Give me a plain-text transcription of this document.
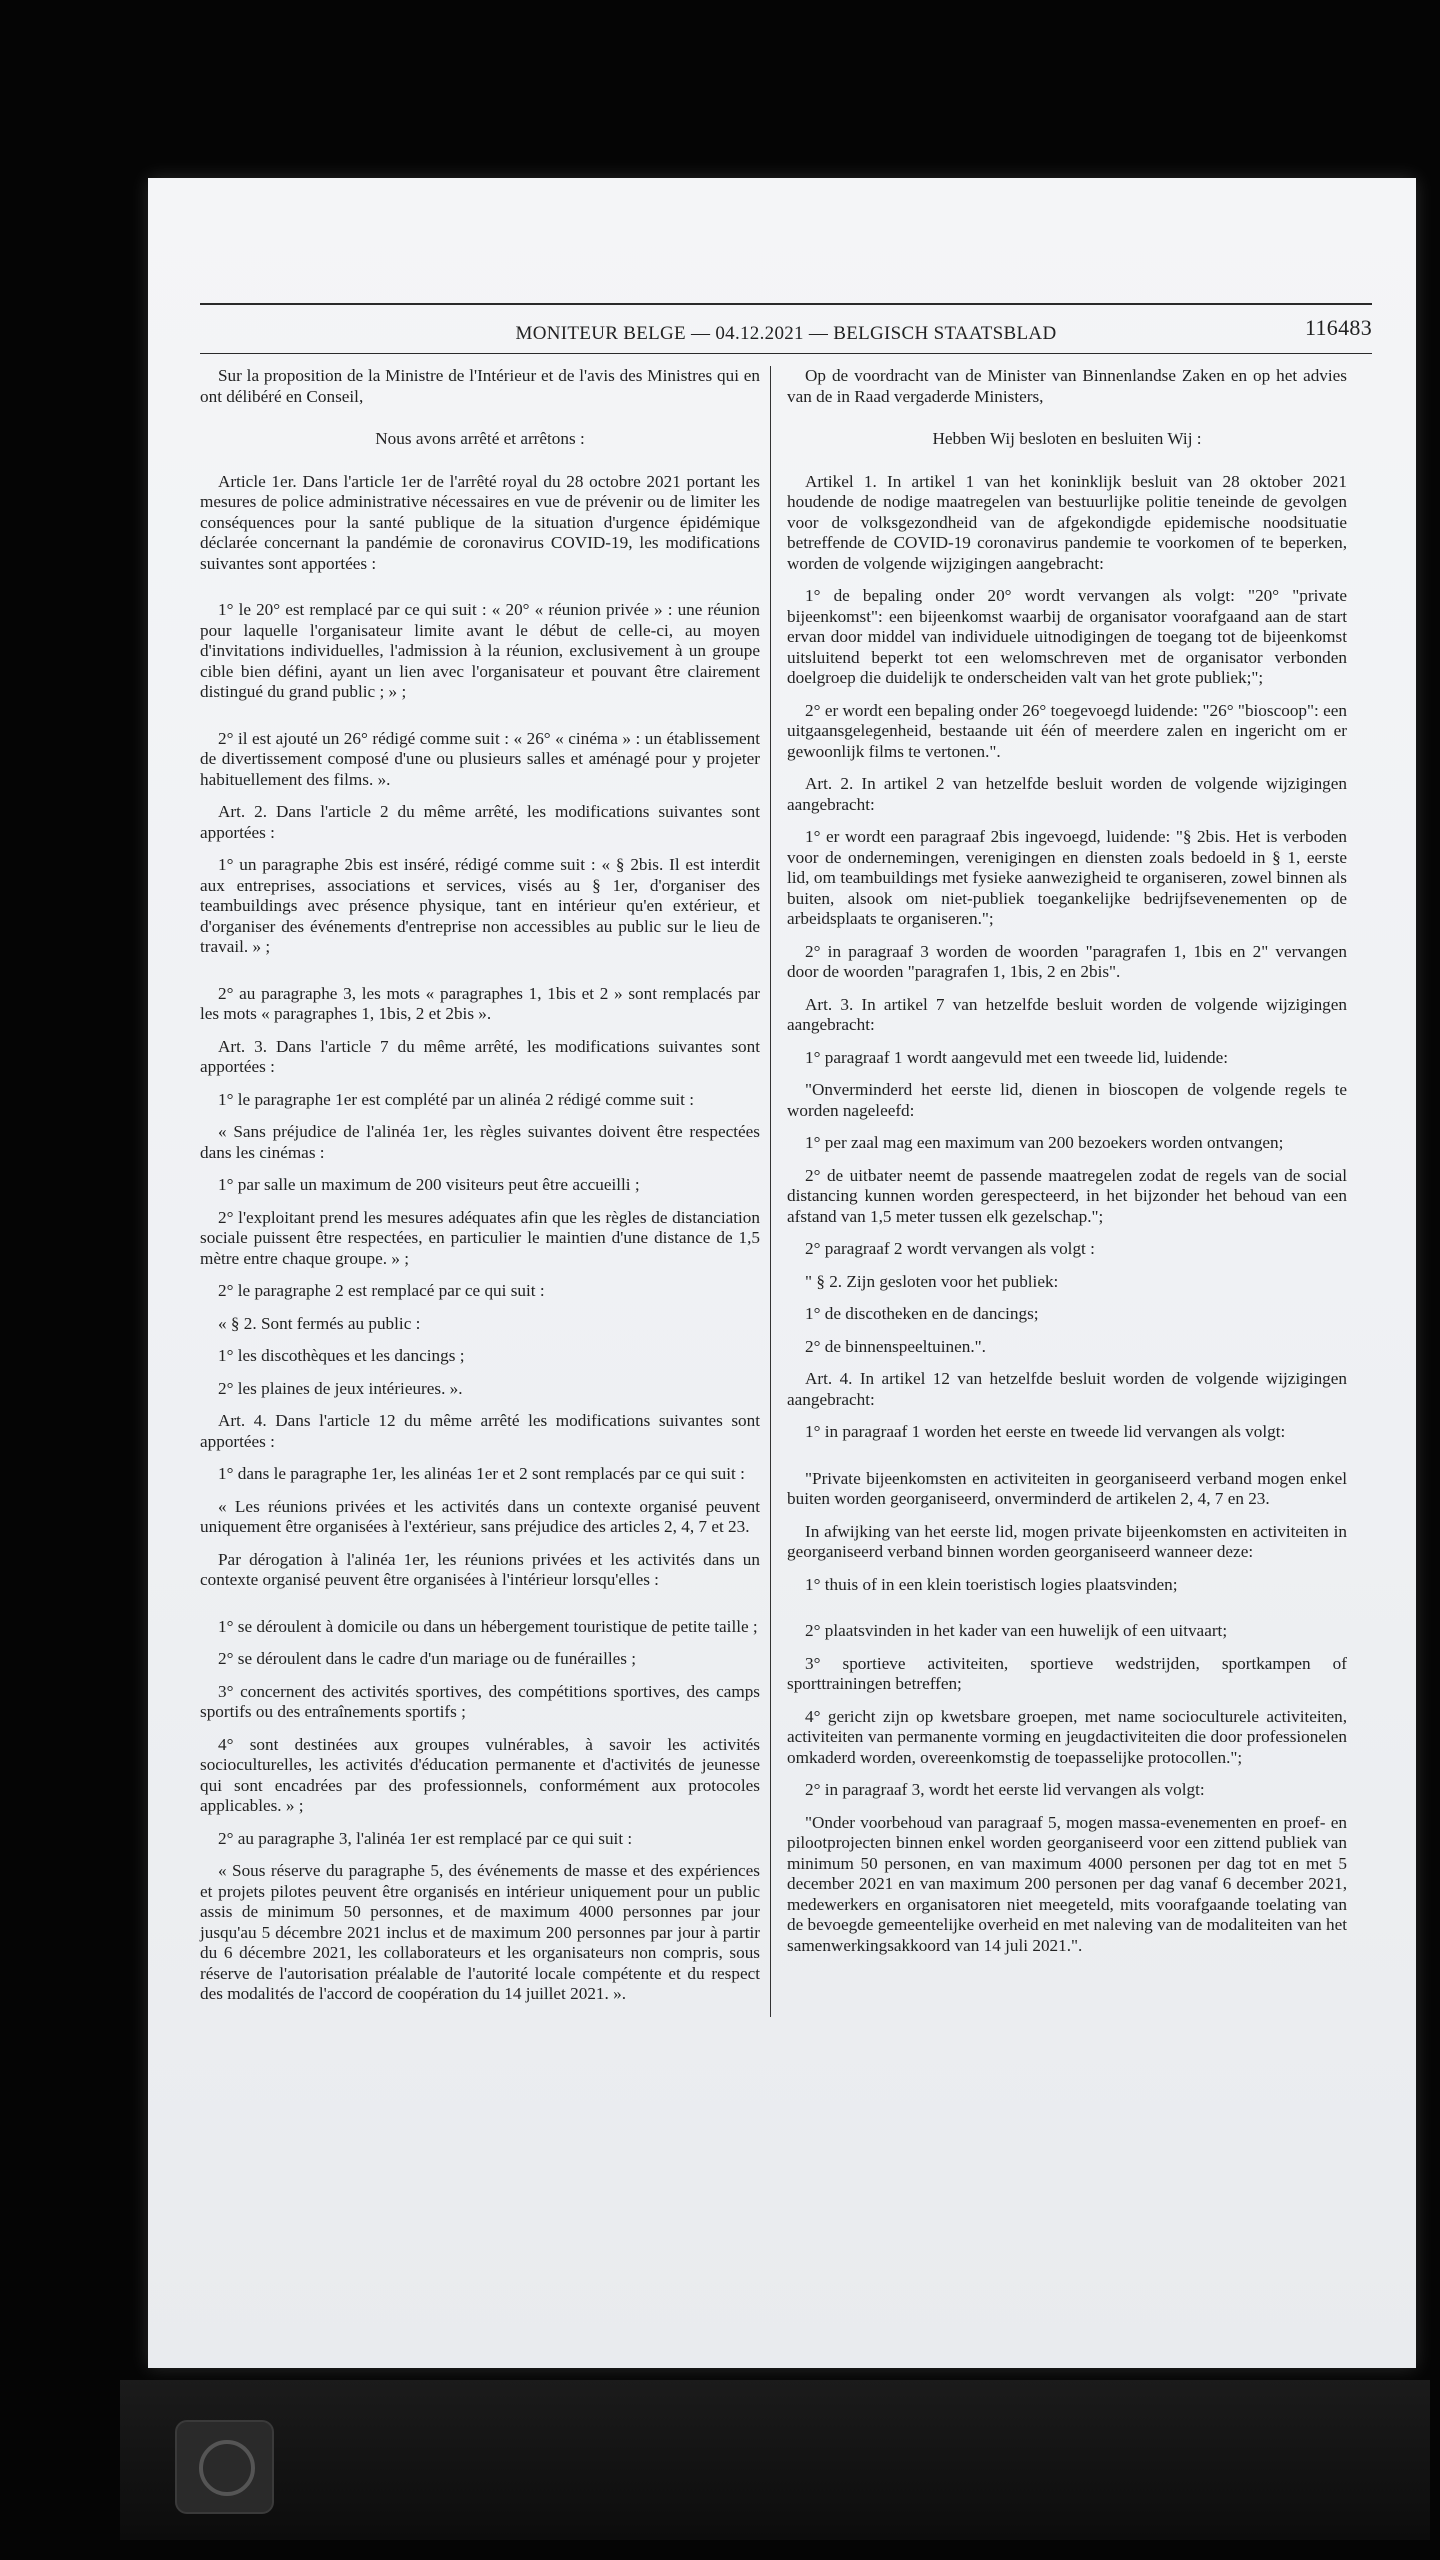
MONITEUR BELGE — 04.12.2021 — BELGISCH STAATSBLAD	116483

Sur la proposition de la Ministre de l'Intérieur et de l'avis des Ministres qui en ont délibéré en Conseil,

Nous avons arrêté et arrêtons :

Article 1er. Dans l'article 1er de l'arrêté royal du 28 octobre 2021 portant les mesures de police administrative nécessaires en vue de prévenir ou de limiter les conséquences pour la santé publique de la situation d'urgence épidémique déclarée concernant la pandémie de coronavirus COVID-19, les modifications suivantes sont apportées :

1° le 20° est remplacé par ce qui suit : « 20° « réunion privée » : une réunion pour laquelle l'organisateur limite avant le début de celle-ci, au moyen d'invitations individuelles, l'admission à la réunion, exclusivement à un groupe cible bien défini, ayant un lien avec l'organisateur et pouvant être clairement distingué du grand public ; » ;

2° il est ajouté un 26° rédigé comme suit : « 26° « cinéma » : un établissement de divertissement composé d'une ou plusieurs salles et aménagé pour y projeter habituellement des films. ».

Art. 2. Dans l'article 2 du même arrêté, les modifications suivantes sont apportées :

1° un paragraphe 2bis est inséré, rédigé comme suit : « § 2bis. Il est interdit aux entreprises, associations et services, visés au § 1er, d'organiser des teambuildings avec présence physique, tant en intérieur qu'en extérieur, et d'organiser des événements d'entreprise non accessibles au public sur le lieu de travail. » ;

2° au paragraphe 3, les mots « paragraphes 1, 1bis et 2 » sont remplacés par les mots « paragraphes 1, 1bis, 2 et 2bis ».

Art. 3. Dans l'article 7 du même arrêté, les modifications suivantes sont apportées :

1° le paragraphe 1er est complété par un alinéa 2 rédigé comme suit :

« Sans préjudice de l'alinéa 1er, les règles suivantes doivent être respectées dans les cinémas :

1° par salle un maximum de 200 visiteurs peut être accueilli ;

2° l'exploitant prend les mesures adéquates afin que les règles de distanciation sociale puissent être respectées, en particulier le maintien d'une distance de 1,5 mètre entre chaque groupe. » ;

2° le paragraphe 2 est remplacé par ce qui suit :

« § 2. Sont fermés au public :

1° les discothèques et les dancings ;

2° les plaines de jeux intérieures. ».

Art. 4. Dans l'article 12 du même arrêté les modifications suivantes sont apportées :

1° dans le paragraphe 1er, les alinéas 1er et 2 sont remplacés par ce qui suit :

« Les réunions privées et les activités dans un contexte organisé peuvent uniquement être organisées à l'extérieur, sans préjudice des articles 2, 4, 7 et 23.

Par dérogation à l'alinéa 1er, les réunions privées et les activités dans un contexte organisé peuvent être organisées à l'intérieur lorsqu'elles :

1° se déroulent à domicile ou dans un hébergement touristique de petite taille ;

2° se déroulent dans le cadre d'un mariage ou de funérailles ;

3° concernent des activités sportives, des compétitions sportives, des camps sportifs ou des entraînements sportifs ;

4° sont destinées aux groupes vulnérables, à savoir les activités socioculturelles, les activités d'éducation permanente et d'activités de jeunesse qui sont encadrées par des professionnels, conformément aux protocoles applicables. » ;

2° au paragraphe 3, l'alinéa 1er est remplacé par ce qui suit :

« Sous réserve du paragraphe 5, des événements de masse et des expériences et projets pilotes peuvent être organisés en intérieur uniquement pour un public assis de minimum 50 personnes, et de maximum 4000 personnes par jour jusqu'au 5 décembre 2021 inclus et de maximum 200 personnes par jour à partir du 6 décembre 2021, les collaborateurs et les organisateurs non compris, sous réserve de l'autorisation préalable de l'autorité locale compétente et du respect des modalités de l'accord de coopération du 14 juillet 2021. ».

Op de voordracht van de Minister van Binnenlandse Zaken en op het advies van de in Raad vergaderde Ministers,

Hebben Wij besloten en besluiten Wij :

Artikel 1. In artikel 1 van het koninklijk besluit van 28 oktober 2021 houdende de nodige maatregelen van bestuurlijke politie teneinde de gevolgen voor de volksgezondheid van de afgekondigde epidemische noodsituatie betreffende de COVID-19 coronavirus pandemie te voorkomen of te beperken, worden de volgende wijzigingen aangebracht:

1° de bepaling onder 20° wordt vervangen als volgt: "20° "private bijeenkomst": een bijeenkomst waarbij de organisator voorafgaand aan de start ervan door middel van individuele uitnodigingen de toegang tot de bijeenkomst uitsluitend beperkt tot een welomschreven met de organisator verbonden doelgroep die duidelijk te onderscheiden valt van het grote publiek;";

2° er wordt een bepaling onder 26° toegevoegd luidende: "26° "bioscoop": een uitgaansgelegenheid, bestaande uit één of meerdere zalen en ingericht om er gewoonlijk films te vertonen.".

Art. 2. In artikel 2 van hetzelfde besluit worden de volgende wijzigingen aangebracht:

1° er wordt een paragraaf 2bis ingevoegd, luidende: "§ 2bis. Het is verboden voor de ondernemingen, verenigingen en diensten zoals bedoeld in § 1, eerste lid, om teambuildings met fysieke aanwezigheid te organiseren, zowel binnen als buiten, alsook om niet-publiek toegankelijke bedrijfsevenementen op de arbeidsplaats te organiseren.";

2° in paragraaf 3 worden de woorden "paragrafen 1, 1bis en 2" vervangen door de woorden "paragrafen 1, 1bis, 2 en 2bis".

Art. 3. In artikel 7 van hetzelfde besluit worden de volgende wijzigingen aangebracht:

1° paragraaf 1 wordt aangevuld met een tweede lid, luidende:

"Onverminderd het eerste lid, dienen in bioscopen de volgende regels te worden nageleefd:

1° per zaal mag een maximum van 200 bezoekers worden ontvangen;

2° de uitbater neemt de passende maatregelen zodat de regels van de social distancing kunnen worden gerespecteerd, in het bijzonder het behoud van een afstand van 1,5 meter tussen elk gezelschap.";

2° paragraaf 2 wordt vervangen als volgt :

" § 2. Zijn gesloten voor het publiek:

1° de discotheken en de dancings;

2° de binnenspeeltuinen.".

Art. 4. In artikel 12 van hetzelfde besluit worden de volgende wijzigingen aangebracht:

1° in paragraaf 1 worden het eerste en tweede lid vervangen als volgt:

"Private bijeenkomsten en activiteiten in georganiseerd verband mogen enkel buiten worden georganiseerd, onverminderd de artikelen 2, 4, 7 en 23.

In afwijking van het eerste lid, mogen private bijeenkomsten en activiteiten in georganiseerd verband binnen worden georganiseerd wanneer deze:

1° thuis of in een klein toeristisch logies plaatsvinden;

2° plaatsvinden in het kader van een huwelijk of een uitvaart;

3° sportieve activiteiten, sportieve wedstrijden, sportkampen of sporttrainingen betreffen;

4° gericht zijn op kwetsbare groepen, met name socioculturele activiteiten, activiteiten van permanente vorming en jeugdactiviteiten die door professionelen omkaderd worden, overeenkomstig de toepasselijke protocollen.";

2° in paragraaf 3, wordt het eerste lid vervangen als volgt:

"Onder voorbehoud van paragraaf 5, mogen massa-evenementen en proef- en pilootprojecten binnen enkel worden georganiseerd voor een zittend publiek van minimum 50 personen, en van maximum 4000 personen per dag tot en met 5 december 2021 en van maximum 200 personen per dag vanaf 6 december 2021, medewerkers en organisatoren niet meegeteld, mits voorafgaande toelating van de bevoegde gemeentelijke overheid en met naleving van de modaliteiten van het samenwerkingsakkoord van 14 juli 2021.".
